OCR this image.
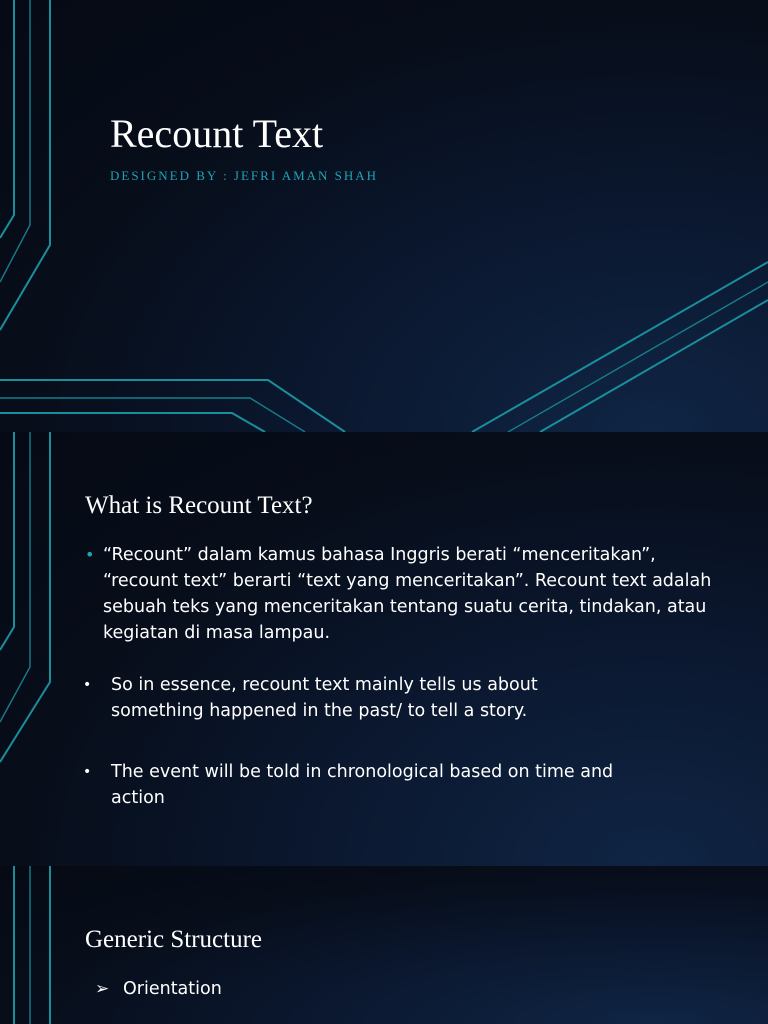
Recount Text

DESIGNED BY : JEFRI AMAN SHAH

What is Recount Text?
• “Recount” dalam kamus bahasa Inggris berati “menceritakan”, “recount text” berarti “text yang menceritakan”. Recount text adalah sebuah teks yang menceritakan tentang suatu cerita, tindakan, atau kegiatan di masa lampau.
• So in essence, recount text mainly tells us about something happened in the past/ to tell a story.
• The event will be told in chronological based on time and action
Generic Structure
➢ Orientation
